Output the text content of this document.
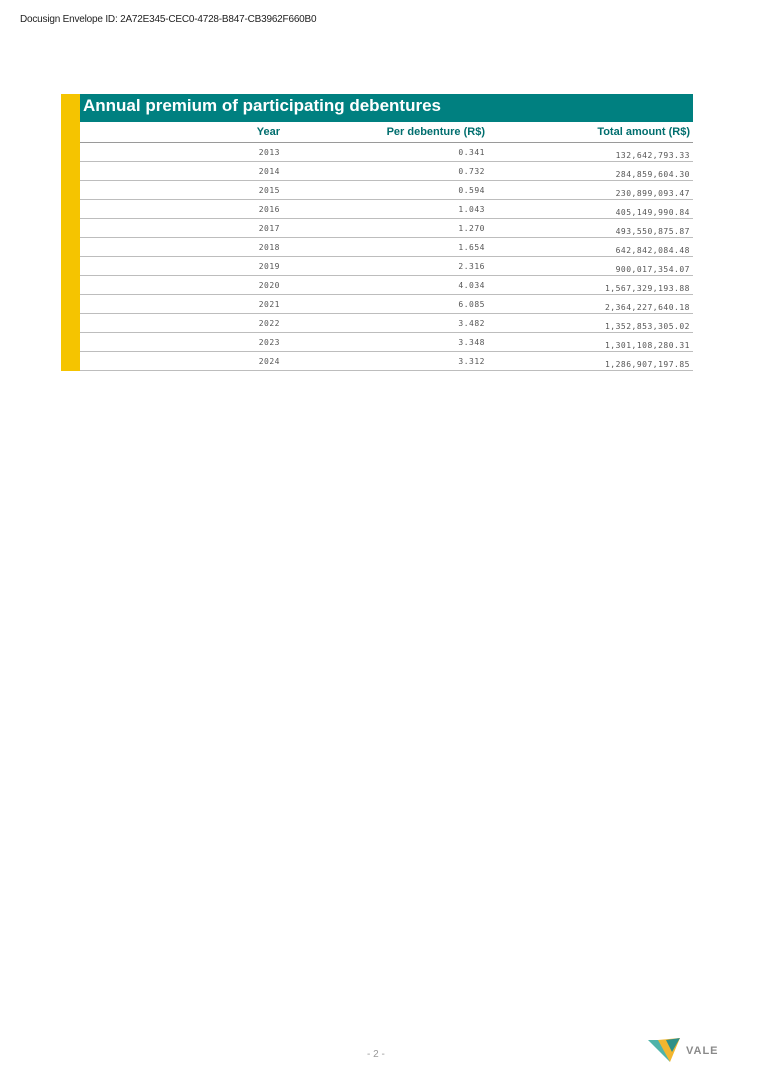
Docusign Envelope ID: 2A72E345-CEC0-4728-B847-CB3962F660B0
Annual premium of participating debentures
Year	Per debenture (R$)	Total amount (R$)
2013	0.341	132,642,793.33
2014	0.732	284,859,604.30
2015	0.594	230,899,093.47
2016	1.043	405,149,990.84
2017	1.270	493,550,875.87
2018	1.654	642,842,084.48
2019	2.316	900,017,354.07
2020	4.034	1,567,329,193.88
2021	6.085	2,364,227,640.18
2022	3.482	1,352,853,305.02
2023	3.348	1,301,108,280.31
2024	3.312	1,286,907,197.85
- 2 -	VALE
